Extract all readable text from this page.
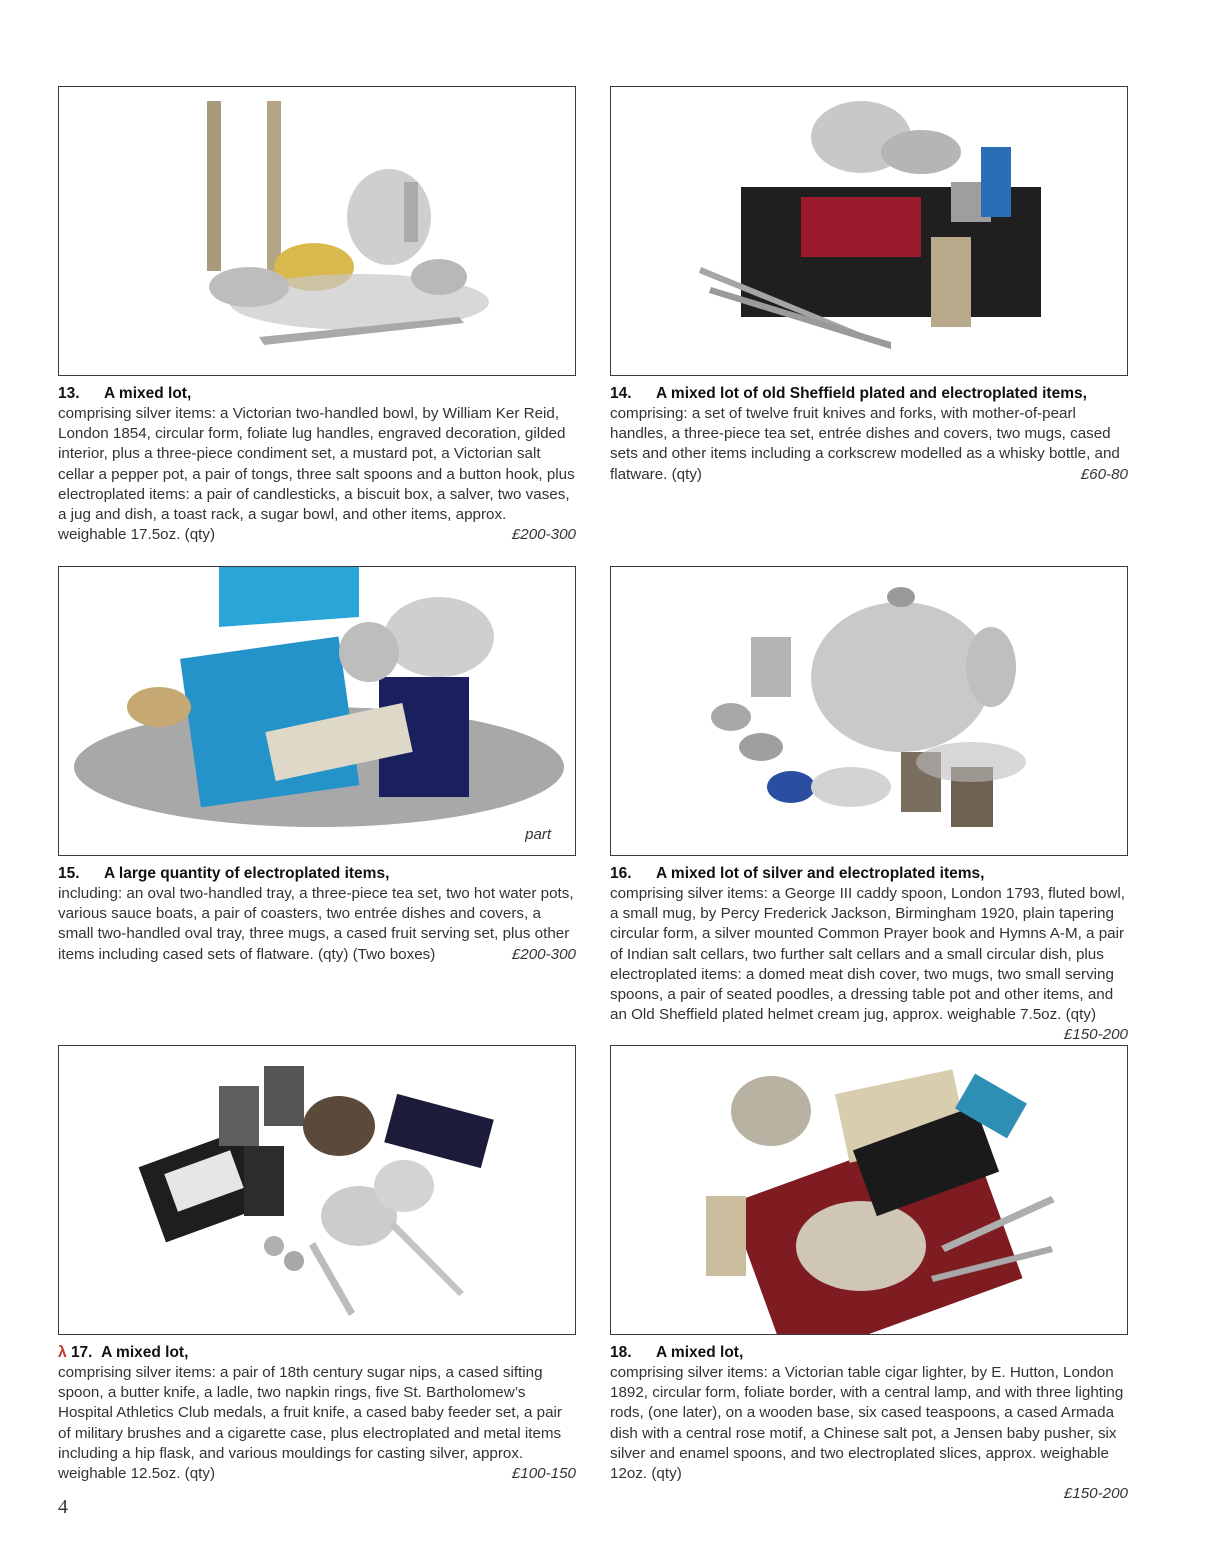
13. A mixed lot,
comprising silver items: a Victorian two-handled bowl, by William Ker Reid, London 1854, circular form, foliate lug handles, engraved decoration, gilded interior, plus a three-piece condiment set, a mustard pot, a Victorian salt cellar a pepper pot, a pair of tongs, three salt spoons and a button hook, plus electroplated items: a pair of candlesticks, a biscuit box, a salver, two vases, a jug and dish, a toast rack, a sugar bowl, and other items, approx. weighable 17.5oz. (qty)	£200-300
14. A mixed lot of old Sheffield plated and electroplated items,
comprising: a set of twelve fruit knives and forks, with mother-of-pearl handles, a three-piece tea set, entrée dishes and covers, two mugs, cased sets and other items including a corkscrew modelled as a whisky bottle, and flatware. (qty)	£60-80
part
15. A large quantity of electroplated items,
including: an oval two-handled tray, a three-piece tea set, two hot water pots, various sauce boats, a pair of coasters, two entrée dishes and covers, a small two-handled oval tray, three mugs, a cased fruit serving set, plus other items including cased sets of flatware. (qty) (Two boxes)	£200-300
16. A mixed lot of silver and electroplated items,
comprising silver items: a George III caddy spoon, London 1793, fluted bowl, a small mug, by Percy Frederick Jackson, Birmingham 1920, plain tapering circular form, a silver mounted Common Prayer book and Hymns A-M, a pair of Indian salt cellars, two further salt cellars and a small circular dish, plus electroplated items: a domed meat dish cover, two mugs, two small serving spoons, a pair of seated poodles, a dressing table pot and other items, and an Old Sheffield plated helmet cream jug, approx. weighable 7.5oz. (qty)
£150-200
λ 17. A mixed lot,
comprising silver items: a pair of 18th century sugar nips, a cased sifting spoon, a butter knife, a ladle, two napkin rings, five St. Bartholomew’s Hospital Athletics Club medals, a fruit knife, a cased baby feeder set, a pair of military brushes and a cigarette case, plus electroplated and metal items including a hip flask, and various mouldings for casting silver, approx. weighable 12.5oz. (qty)	£100-150
18. A mixed lot,
comprising silver items: a Victorian table cigar lighter, by E. Hutton, London 1892, circular form, foliate border, with a central lamp, and with three lighting rods, (one later), on a wooden base, six cased teaspoons, a cased Armada dish with a central rose motif, a Chinese salt pot, a Jensen baby pusher, six silver and enamel spoons, and two electroplated slices, approx. weighable 12oz. (qty)
£150-200
4
